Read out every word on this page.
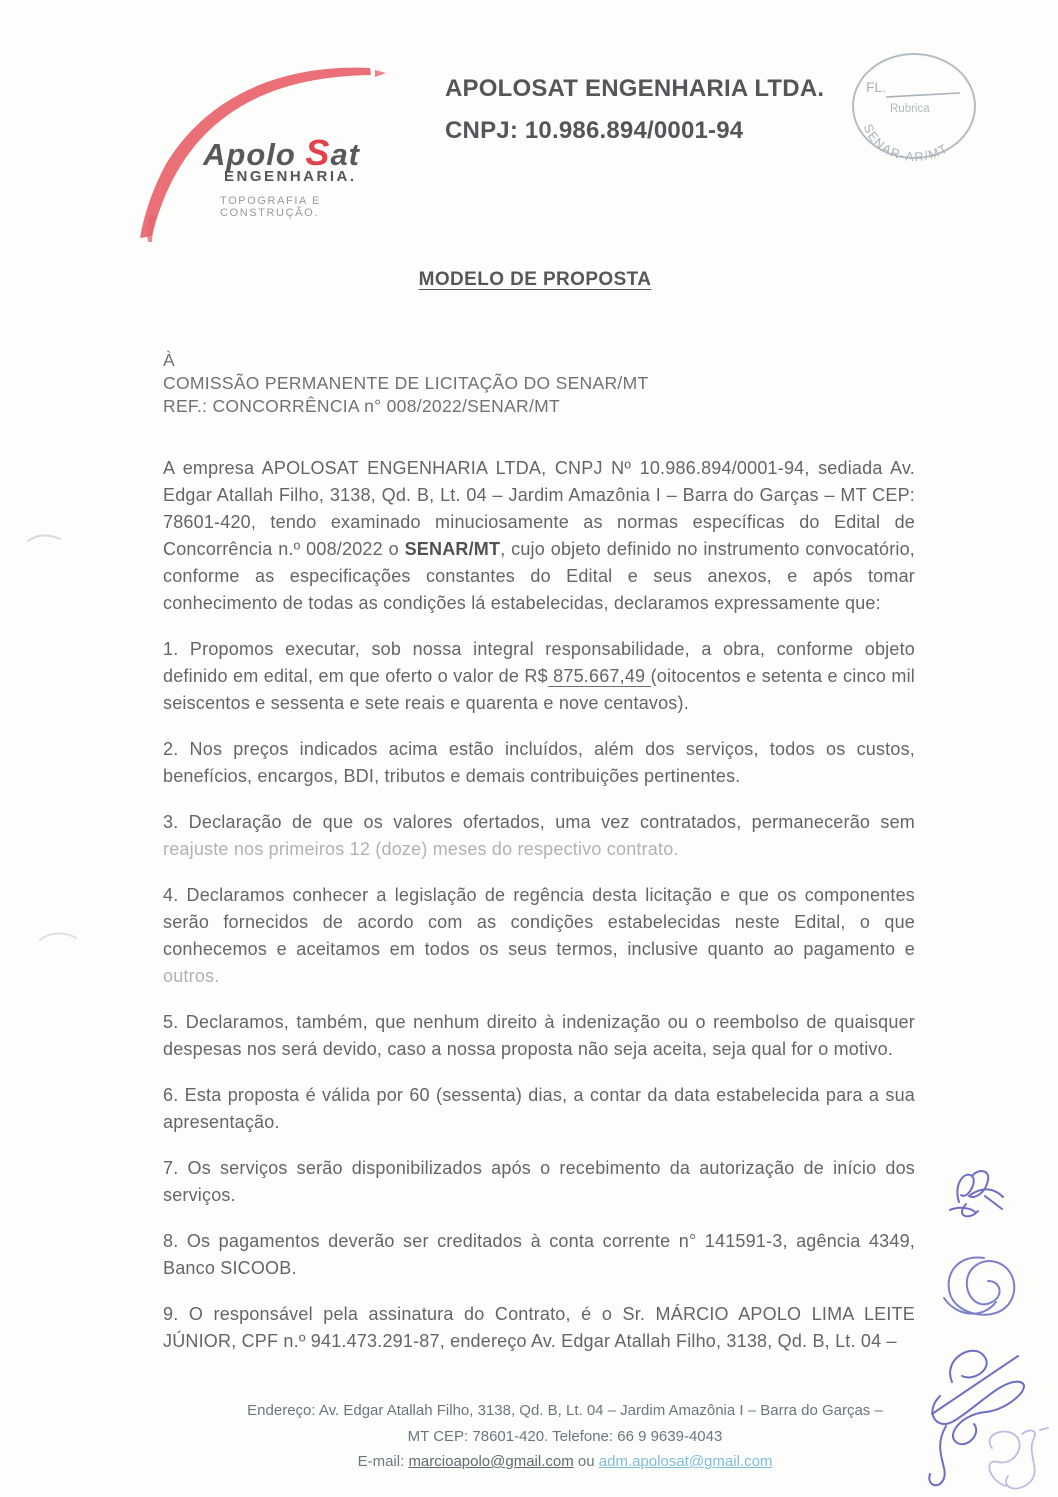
Apolo Sat
ENGENHARIA.
TOPOGRAFIA E CONSTRUÇÃO.
APOLOSAT ENGENHARIA LTDA.
CNPJ: 10.986.894/0001-94
FL.
Rubrica
SENAR-AR/MT
MODELO DE PROPOSTA
À
COMISSÃO PERMANENTE DE LICITAÇÃO DO SENAR/MT
REF.: CONCORRÊNCIA n° 008/2022/SENAR/MT

A empresa APOLOSAT ENGENHARIA LTDA, CNPJ Nº 10.986.894/0001-94, sediada Av. Edgar Atallah Filho, 3138, Qd. B, Lt. 04 – Jardim Amazônia I – Barra do Garças – MT CEP: 78601-420, tendo examinado minuciosamente as normas específicas do Edital de Concorrência n.º 008/2022 o SENAR/MT, cujo objeto definido no instrumento convocatório, conforme as especificações constantes do Edital e seus anexos, e após tomar conhecimento de todas as condições lá estabelecidas, declaramos expressamente que:

1. Propomos executar, sob nossa integral responsabilidade, a obra, conforme objeto definido em edital, em que oferto o valor de R$ 875.667,49 (oitocentos e setenta e cinco mil seiscentos e sessenta e sete reais e quarenta e nove centavos).

2. Nos preços indicados acima estão incluídos, além dos serviços, todos os custos, benefícios, encargos, BDI, tributos e demais contribuições pertinentes.

3. Declaração de que os valores ofertados, uma vez contratados, permanecerão sem reajuste nos primeiros 12 (doze) meses do respectivo contrato.

4. Declaramos conhecer a legislação de regência desta licitação e que os componentes serão fornecidos de acordo com as condições estabelecidas neste Edital, o que conhecemos e aceitamos em todos os seus termos, inclusive quanto ao pagamento e outros.

5. Declaramos, também, que nenhum direito à indenização ou o reembolso de quaisquer despesas nos será devido, caso a nossa proposta não seja aceita, seja qual for o motivo.

6. Esta proposta é válida por 60 (sessenta) dias, a contar da data estabelecida para a sua apresentação.

7. Os serviços serão disponibilizados após o recebimento da autorização de início dos serviços.

8. Os pagamentos deverão ser creditados à conta corrente n° 141591-3, agência 4349, Banco SICOOB.

9. O responsável pela assinatura do Contrato, é o Sr. MÁRCIO APOLO LIMA LEITE JÚNIOR, CPF n.º 941.473.291-87, endereço Av. Edgar Atallah Filho, 3138, Qd. B, Lt. 04 –

Endereço: Av. Edgar Atallah Filho, 3138, Qd. B, Lt. 04 – Jardim Amazônia I – Barra do Garças –
MT CEP: 78601-420. Telefone: 66 9 9639-4043
E-mail: marcioapolo@gmail.com ou adm.apolosat@gmail.com
